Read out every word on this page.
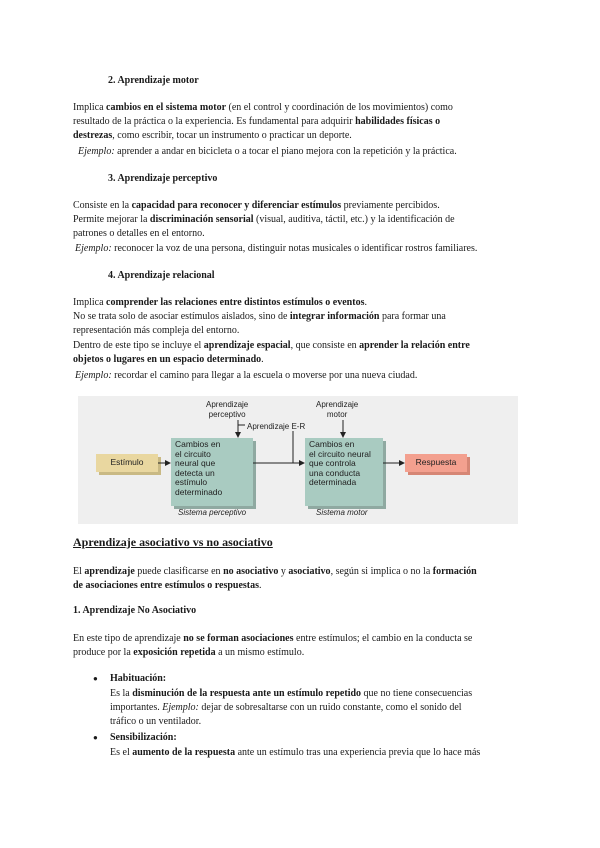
2. Aprendizaje motor
Implica cambios en el sistema motor (en el control y coordinación de los movimientos) como
resultado de la práctica o la experiencia. Es fundamental para adquirir habilidades físicas o
destrezas, como escribir, tocar un instrumento o practicar un deporte.
Ejemplo: aprender a andar en bicicleta o a tocar el piano mejora con la repetición y la práctica.
3. Aprendizaje perceptivo
Consiste en la capacidad para reconocer y diferenciar estímulos previamente percibidos.
Permite mejorar la discriminación sensorial (visual, auditiva, táctil, etc.) y la identificación de
patrones o detalles en el entorno.
Ejemplo: reconocer la voz de una persona, distinguir notas musicales o identificar rostros familiares.
4. Aprendizaje relacional
Implica comprender las relaciones entre distintos estímulos o eventos.
No se trata solo de asociar estímulos aislados, sino de integrar información para formar una
representación más compleja del entorno.
Dentro de este tipo se incluye el aprendizaje espacial, que consiste en aprender la relación entre
objetos o lugares en un espacio determinado.
Ejemplo: recordar el camino para llegar a la escuela o moverse por una nueva ciudad.
Aprendizaje
perceptivo
Aprendizaje
motor
Aprendizaje E-R
Estímulo
Cambios en
el circuito
neural que
detecta un
estímulo
determinado
Cambios en
el circuito neural
que controla
una conducta
determinada
Respuesta
Sistema perceptivo	Sistema motor
Aprendizaje asociativo vs no asociativo
El aprendizaje puede clasificarse en no asociativo y asociativo, según si implica o no la formación
de asociaciones entre estímulos o respuestas.
1. Aprendizaje No Asociativo
En este tipo de aprendizaje no se forman asociaciones entre estímulos; el cambio en la conducta se
produce por la exposición repetida a un mismo estímulo.
● Habituación:
Es la disminución de la respuesta ante un estímulo repetido que no tiene consecuencias
importantes. Ejemplo: dejar de sobresaltarse con un ruido constante, como el sonido del
tráfico o un ventilador.
● Sensibilización:
Es el aumento de la respuesta ante un estímulo tras una experiencia previa que lo hace más
